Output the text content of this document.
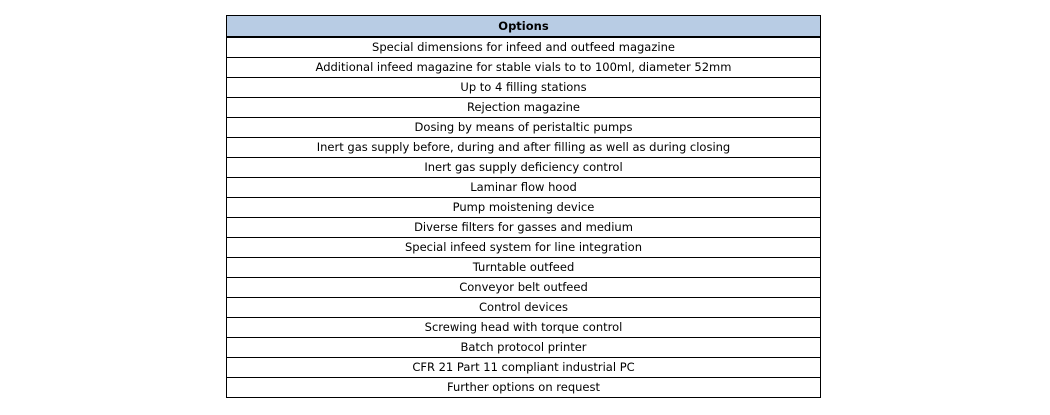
Options
Special dimensions for infeed and outfeed magazine
Additional infeed magazine for stable vials to to 100ml, diameter 52mm
Up to 4 filling stations
Rejection magazine
Dosing by means of peristaltic pumps
Inert gas supply before, during and after filling as well as during closing
Inert gas supply deficiency control
Laminar flow hood
Pump moistening device
Diverse filters for gasses and medium
Special infeed system for line integration
Turntable outfeed
Conveyor belt outfeed
Control devices
Screwing head with torque control
Batch protocol printer
CFR 21 Part 11 compliant industrial PC
Further options on request
